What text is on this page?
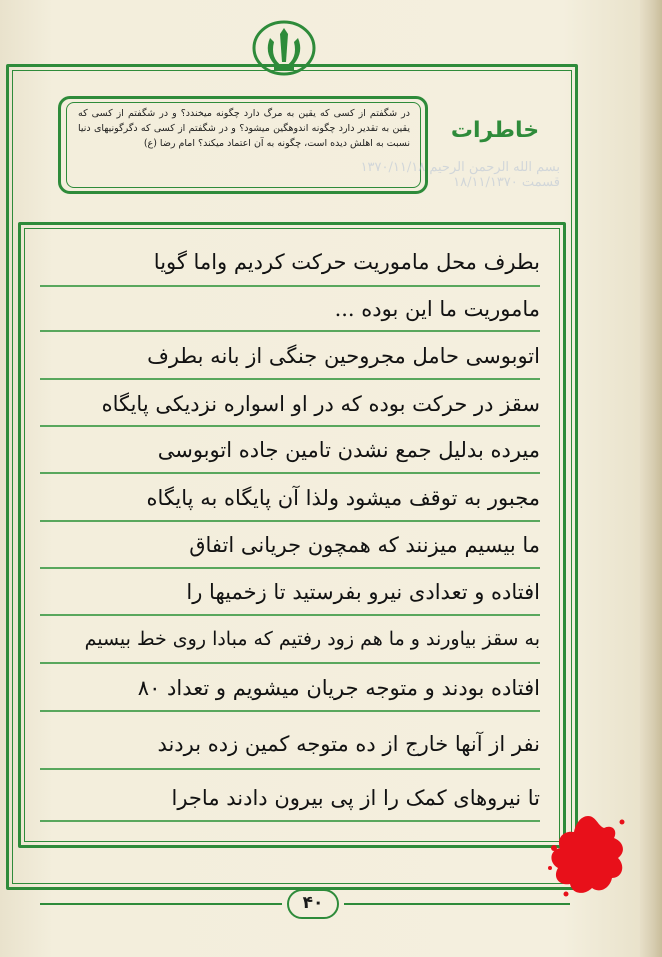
در شگفتم از کسی که یقین به مرگ دارد چگونه میخندد؟ و در شگفتم از کسی که یقین به تقدیر دارد چگونه اندوهگین میشود؟ و در شگفتم از کسی که دگرگونیهای دنیا نسبت به اهلش دیده است، چگونه به آن اعتماد میکند؟ امام رضا (ع)

خاطرات
بسم الله الرحمن الرحیم ۱۳۷۰/۱۱/۱۸
قسمت ۱۸/۱۱/۱۳۷۰
بطرف محل ماموریت حرکت کردیم واما گویا
ماموریت ما این بوده ...
اتوبوسی حامل مجروحین جنگی از بانه بطرف
سقز در حرکت بوده که در او اسواره نزدیکی پایگاه
میرده بدلیل جمع نشدن تامین جاده اتوبوسی
مجبور به توقف میشود ولذا آن پایگاه به پایگاه
ما بیسیم میزنند که همچون جریانی اتفاق
افتاده و تعدادی نیرو بفرستید تا زخمیها را
به سقز بیاورند و ما هم زود رفتیم که مبادا روی خط بیسیم
افتاده بودند و متوجه جریان میشویم و تعداد ۸۰
نفر از آنها خارج از ده متوجه کمین زده بردند
تا نیروهای کمک را از پی بیرون دادند ماجرا
۴۰
